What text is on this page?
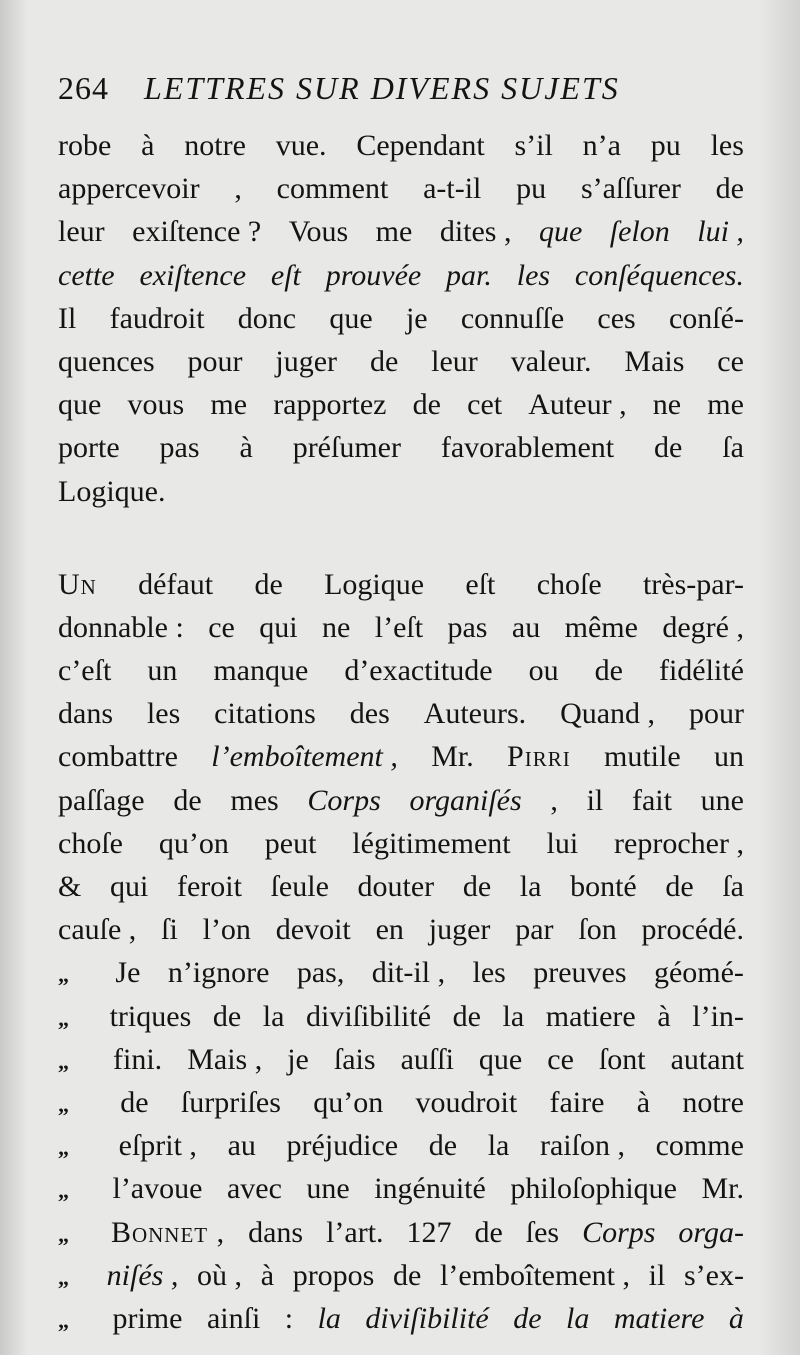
264 LETTRES SUR DIVERS SUJETS
robe à notre vue. Cependant s’il n’a pu les
appercevoir , comment a-t-il pu s’aſſurer de
leur exiſtence ? Vous me dites , que ſelon lui ,
cette exiſtence eſt prouvée par. les conſéquences.
Il faudroit donc que je connuſſe ces conſé-
quences pour juger de leur valeur. Mais ce
que vous me rapportez de cet Auteur , ne me
porte pas à préſumer favorablement de ſa
Logique.
Un défaut de Logique eſt choſe très-par-
donnable : ce qui ne l’eſt pas au même degré ,
c’eſt un manque d’exactitude ou de fidélité
dans les citations des Auteurs. Quand , pour
combattre l’emboîtement , Mr. Pirri mutile un
paſſage de mes Corps organiſés , il fait une
choſe qu’on peut légitimement lui reprocher ,
& qui feroit ſeule douter de la bonté de ſa
cauſe , ſi l’on devoit en juger par ſon procédé.
„	Je n’ignore pas, dit-il , les preuves géomé-
„	triques de la diviſibilité de la matiere à l’in-
„	fini. Mais , je ſais auſſi que ce ſont autant
„	de ſurpriſes qu’on voudroit faire à notre
„	eſprit , au préjudice de la raiſon , comme
„	l’avoue avec une ingénuité philoſophique Mr.
„	Bonnet , dans l’art. 127 de ſes Corps orga-
„	niſés , où , à propos de l’emboîtement , il s’ex-
„	prime ainſi : la diviſibilité de la matiere à
